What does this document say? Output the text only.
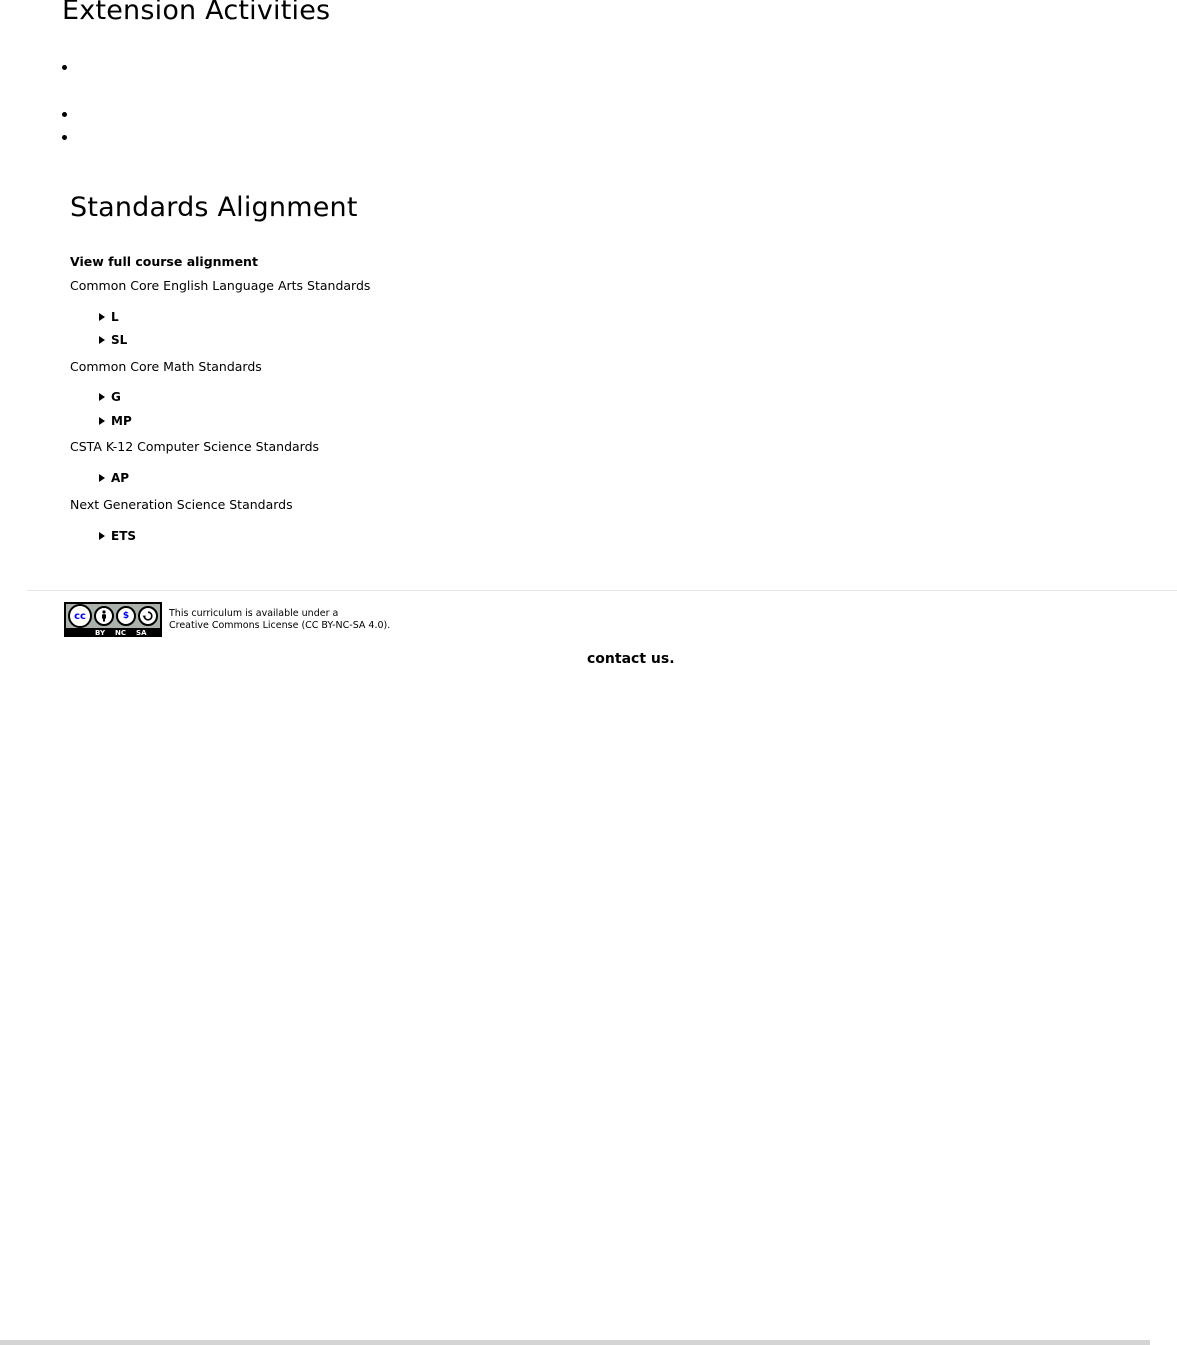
Extension Activities
Standards Alignment
View full course alignment
Common Core English Language Arts Standards
L
SL
Common Core Math Standards
G
MP
CSTA K-12 Computer Science Standards
AP
Next Generation Science Standards
ETS
cc	$
BY NC SA
This curriculum is available under a
Creative Commons License (CC BY-NC-SA 4.0).
contact us.
